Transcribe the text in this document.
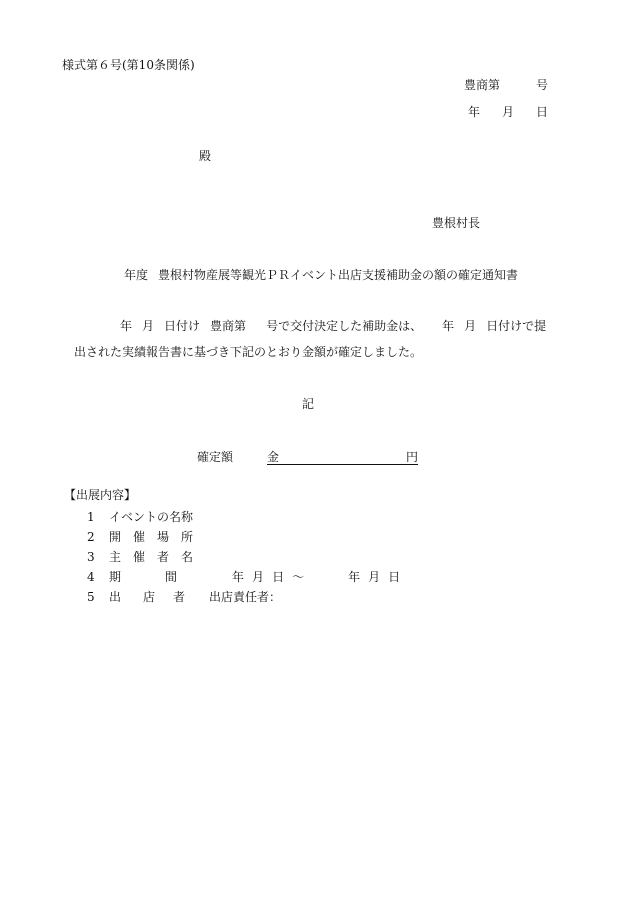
様式第６号(第10条関係)
豊商第	号
年 月 日
殿
豊根村長
年度 豊根村物産展等観光ＰＲイベント出店支援補助金の額の確定通知書
年 月 日付け 豊商第 号で交付決定した補助金は、 年 月 日付けで提
出された実績報告書に基づき下記のとおり金額が確定しました。
記
確定額	金	円
【出展内容】
1 イベントの名称
2 開 催 場 所
3 主 催 者 名
4 期	間	年 月 日 ～	年 月 日
5 出 店 者 出店責任者：
